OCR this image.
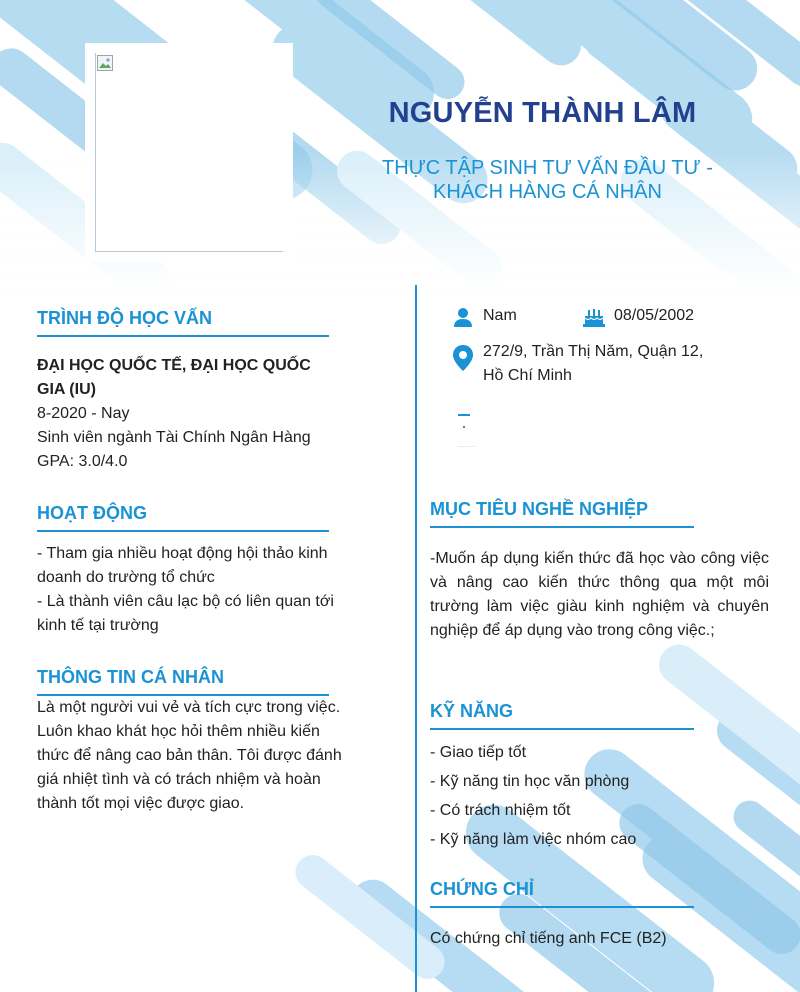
NGUYỄN THÀNH LÂM
THỰC TẬP SINH TƯ VẤN ĐẦU TƯ - KHÁCH HÀNG CÁ NHÂN
TRÌNH ĐỘ HỌC VẤN
ĐẠI HỌC QUỐC TẾ, ĐẠI HỌC QUỐC GIA (IU)
8-2020 - Nay
Sinh viên ngành Tài Chính Ngân Hàng
GPA: 3.0/4.0
HOẠT ĐỘNG
- Tham gia nhiều hoạt động hội thảo kinh doanh do trường tổ chức
- Là thành viên câu lạc bộ có liên quan tới kinh tế tại trường
THÔNG TIN CÁ NHÂN
Là một người vui vẻ và tích cực trong việc. Luôn khao khát học hỏi thêm nhiều kiến thức để nâng cao bản thân. Tôi được đánh giá nhiệt tình và có trách nhiệm và hoàn thành tốt mọi việc được giao.
Nam	08/05/2002
272/9, Trần Thị Năm, Quận 12, Hồ Chí Minh
MỤC TIÊU NGHỀ NGHIỆP
-Muốn áp dụng kiến thức đã học vào công việc và nâng cao kiến thức thông qua một môi trường làm việc giàu kinh nghiệm và chuyên nghiệp để áp dụng vào trong công việc.;
KỸ NĂNG
- Giao tiếp tốt
- Kỹ năng tin học văn phòng
- Có trách nhiệm tốt
- Kỹ năng làm việc nhóm cao
CHỨNG CHỈ
Có chứng chỉ tiếng anh FCE (B2)
